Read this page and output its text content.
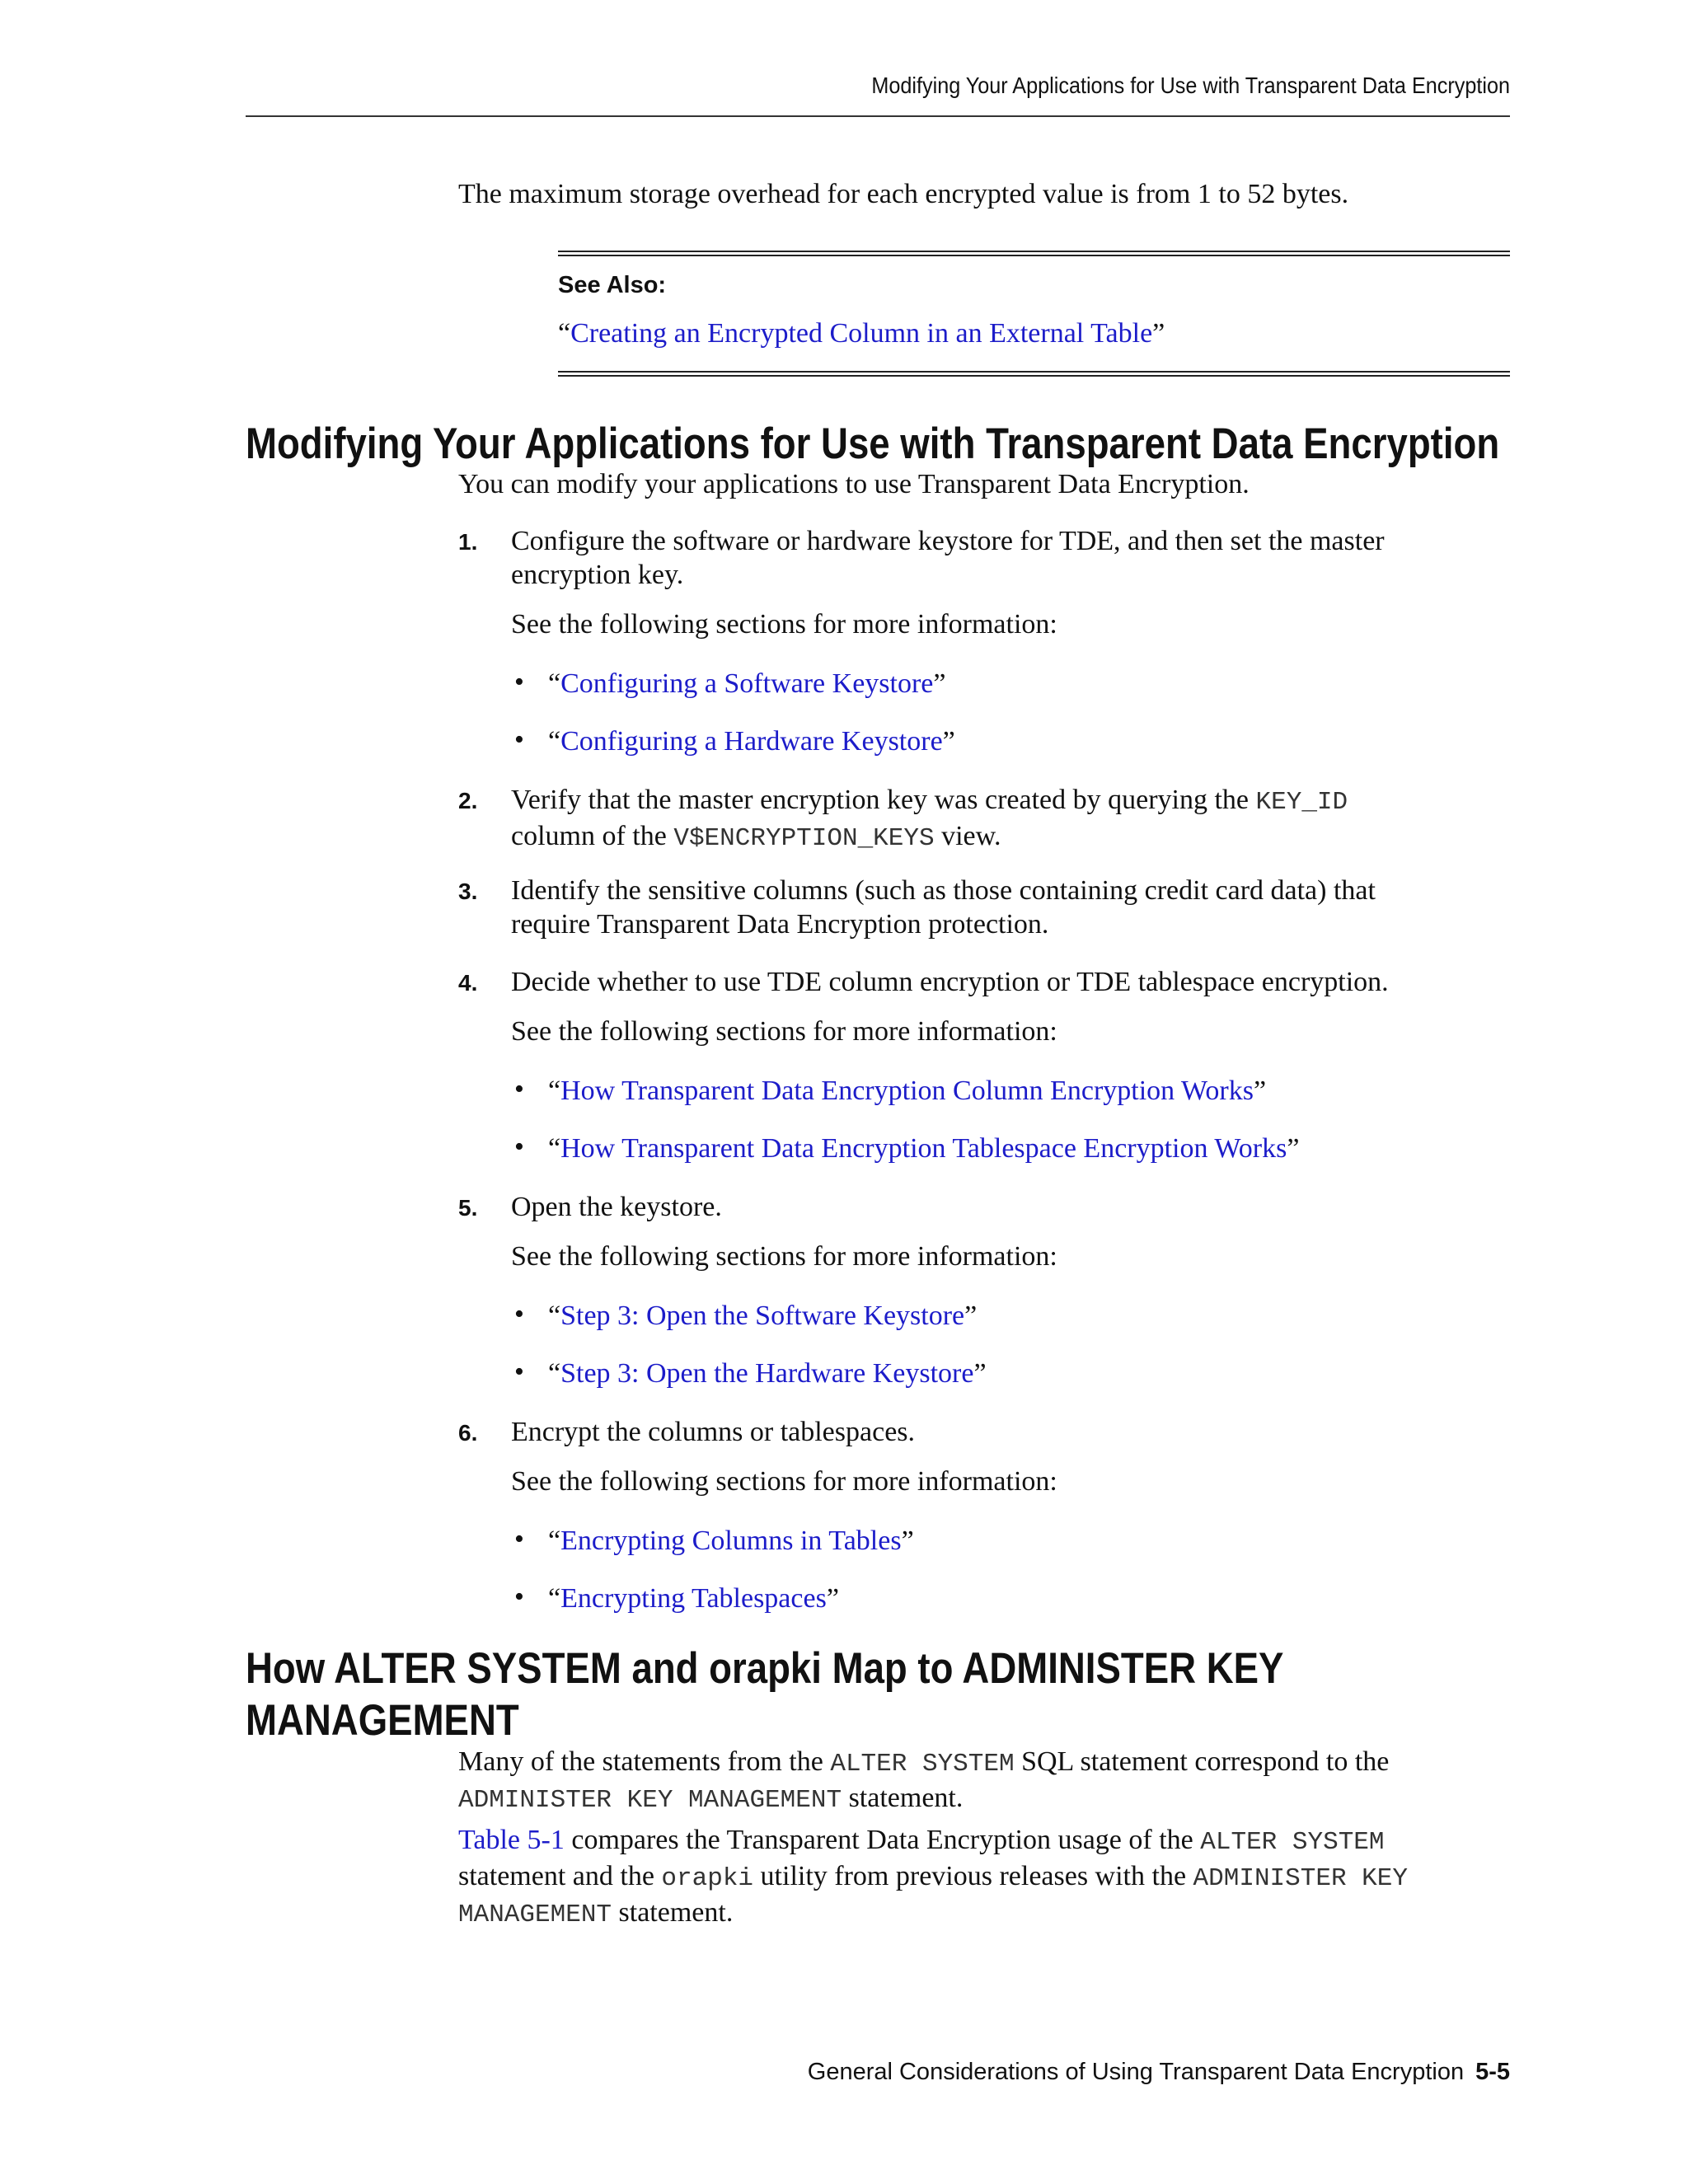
Modifying Your Applications for Use with Transparent Data Encryption
The maximum storage overhead for each encrypted value is from 1 to 52 bytes.
See Also:
“Creating an Encrypted Column in an External Table”
Modifying Your Applications for Use with Transparent Data Encryption
You can modify your applications to use Transparent Data Encryption.
1. Configure the software or hardware keystore for TDE, and then set the master
encryption key.
See the following sections for more information:
• “Configuring a Software Keystore”
• “Configuring a Hardware Keystore”
2. Verify that the master encryption key was created by querying the KEY_ID
column of the V$ENCRYPTION_KEYS view.
3. Identify the sensitive columns (such as those containing credit card data) that
require Transparent Data Encryption protection.
4. Decide whether to use TDE column encryption or TDE tablespace encryption.
See the following sections for more information:
• “How Transparent Data Encryption Column Encryption Works”
• “How Transparent Data Encryption Tablespace Encryption Works”
5. Open the keystore.
See the following sections for more information:
• “Step 3: Open the Software Keystore”
• “Step 3: Open the Hardware Keystore”
6. Encrypt the columns or tablespaces.
See the following sections for more information:
• “Encrypting Columns in Tables”
• “Encrypting Tablespaces”
How ALTER SYSTEM and orapki Map to ADMINISTER KEY
MANAGEMENT
Many of the statements from the ALTER SYSTEM SQL statement correspond to the
ADMINISTER KEY MANAGEMENT statement.
Table 5-1 compares the Transparent Data Encryption usage of the ALTER SYSTEM
statement and the orapki utility from previous releases with the ADMINISTER KEY
MANAGEMENT statement.
General Considerations of Using Transparent Data Encryption 5-5
